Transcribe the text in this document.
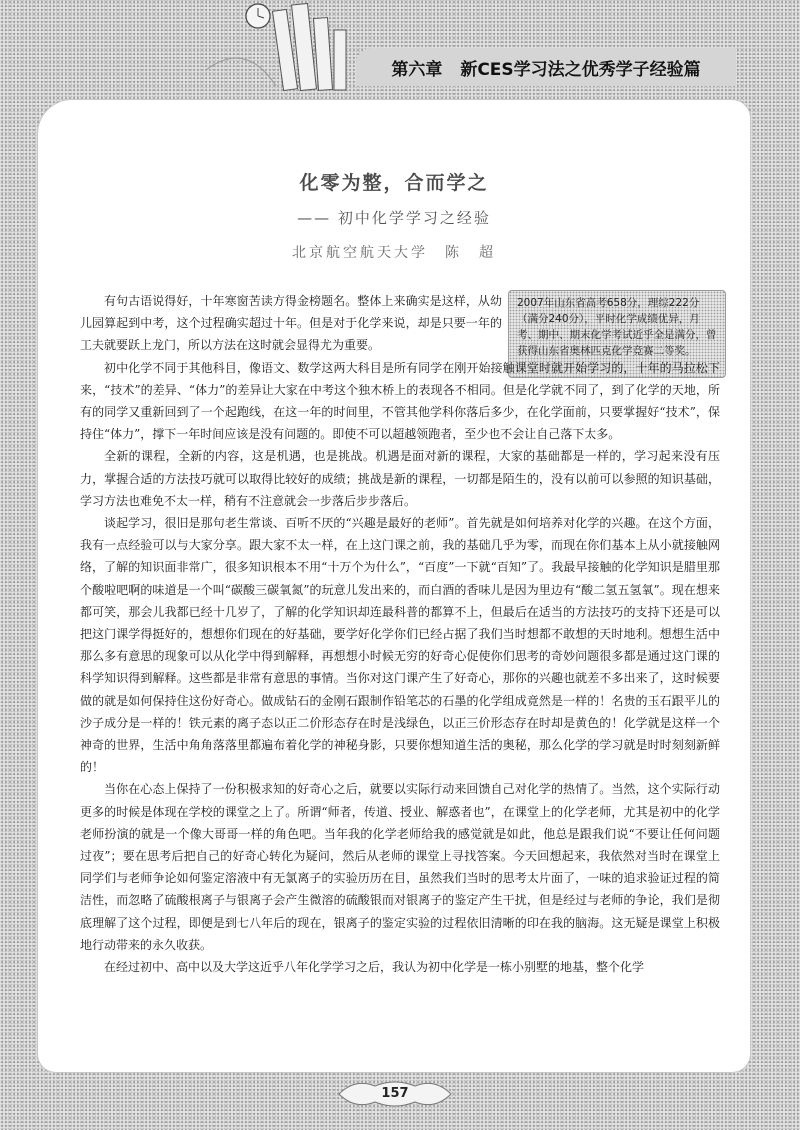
第六章 新CES学习法之优秀学子经验篇
化零为整，合而学之
—— 初中化学学习之经验
北京航空航天大学　陈　超
2007年山东省高考658分，理综222分（满分240分），平时化学成绩优异，月考、期中、期末化学考试近乎全是满分，曾获得山东省奥林匹克化学竞赛二等奖。

有句古语说得好，十年寒窗苦读方得金榜题名。整体上来确实是这样，从幼儿园算起到中考，这个过程确实超过十年。但是对于化学来说，却是只要一年的工夫就要跃上龙门，所以方法在这时就会显得尤为重要。

初中化学不同于其他科目，像语文、数学这两大科目是所有同学在刚开始接触课堂时就开始学习的，十年的马拉松下来，“技术”的差异、“体力”的差异让大家在中考这个独木桥上的表现各不相同。但是化学就不同了，到了化学的天地，所有的同学又重新回到了一个起跑线，在这一年的时间里，不管其他学科你落后多少，在化学面前，只要掌握好“技术”，保持住“体力”，撑下一年时间应该是没有问题的。即使不可以超越领跑者，至少也不会让自己落下太多。

全新的课程，全新的内容，这是机遇，也是挑战。机遇是面对新的课程，大家的基础都是一样的，学习起来没有压力，掌握合适的方法技巧就可以取得比较好的成绩；挑战是新的课程，一切都是陌生的，没有以前可以参照的知识基础，学习方法也难免不太一样，稍有不注意就会一步落后步步落后。

谈起学习，很旧是那句老生常谈、百听不厌的“兴趣是最好的老师”。首先就是如何培养对化学的兴趣。在这个方面，我有一点经验可以与大家分享。跟大家不太一样，在上这门课之前，我的基础几乎为零，而现在你们基本上从小就接触网络，了解的知识面非常广，很多知识根本不用“十万个为什么”，“百度”一下就“百知”了。我最早接触的化学知识是腊里那个酸啦吧啊的味道是一个叫“碳酸三碳氧氮”的玩意儿发出来的，而白酒的香味儿是因为里边有“酸二氢五氢氧”。现在想来都可笑，那会儿我都已经十几岁了，了解的化学知识却连最科普的都算不上，但最后在适当的方法技巧的支持下还是可以把这门课学得挺好的，想想你们现在的好基础，要学好化学你们已经占据了我们当时想都不敢想的天时地利。想想生活中那么多有意思的现象可以从化学中得到解释，再想想小时候无穷的好奇心促使你们思考的奇妙问题很多都是通过这门课的科学知识得到解释。这些都是非常有意思的事情。当你对这门课产生了好奇心，那你的兴趣也就差不多出来了，这时候要做的就是如何保持住这份好奇心。做成钻石的金刚石跟制作铅笔芯的石墨的化学组成竟然是一样的！名贵的玉石跟平儿的沙子成分是一样的！铁元素的离子态以正二价形态存在时是浅绿色，以正三价形态存在时却是黄色的！化学就是这样一个神奇的世界，生活中角角落落里都遍布着化学的神秘身影，只要你想知道生活的奥秘，那么化学的学习就是时时刻刻新鲜的！

当你在心态上保持了一份积极求知的好奇心之后，就要以实际行动来回馈自己对化学的热情了。当然，这个实际行动更多的时候是体现在学校的课堂之上了。所谓“师者，传道、授业、解惑者也”，在课堂上的化学老师，尤其是初中的化学老师扮演的就是一个像大哥哥一样的角色吧。当年我的化学老师给我的感觉就是如此，他总是跟我们说“不要让任何问题过夜”；要在思考后把自己的好奇心转化为疑问，然后从老师的课堂上寻找答案。今天回想起来，我依然对当时在课堂上同学们与老师争论如何鉴定溶液中有无氯离子的实验历历在目，虽然我们当时的思考太片面了，一味的追求验证过程的简洁性，而忽略了硫酸根离子与银离子会产生微溶的硫酸银而对银离子的鉴定产生干扰，但是经过与老师的争论，我们是彻底理解了这个过程，即便是到七八年后的现在，银离子的鉴定实验的过程依旧清晰的印在我的脑海。这无疑是课堂上积极地行动带来的永久收获。

在经过初中、高中以及大学这近乎八年化学学习之后，我认为初中化学是一栋小别墅的地基，整个化学

157
